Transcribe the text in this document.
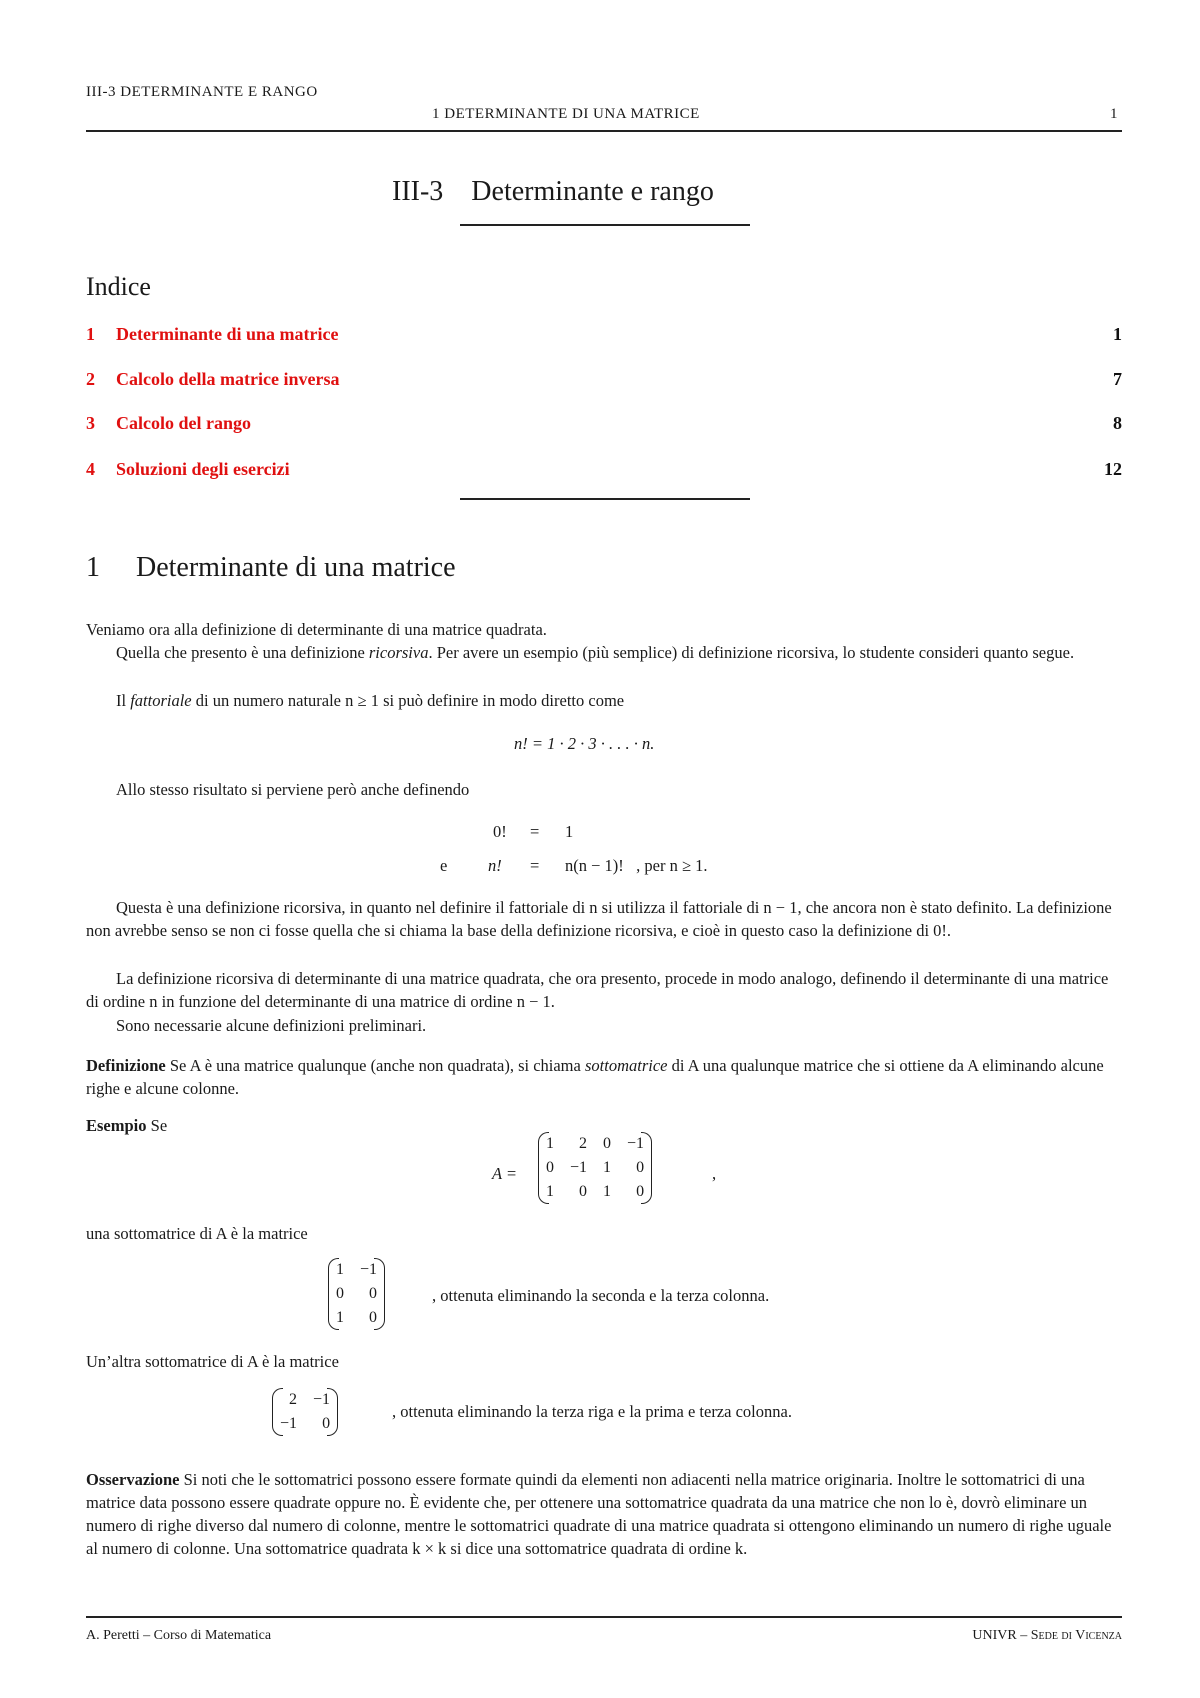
III-3 DETERMINANTE E RANGO
1 DETERMINANTE DI UNA MATRICE	1
III-3    Determinante e rango
Indice
1 Determinante di una matrice	1
2 Calcolo della matrice inversa	7
3 Calcolo del rango	8
4 Soluzioni degli esercizi	12
1 Determinante di una matrice
Veniamo ora alla definizione di determinante di una matrice quadrata.
Quella che presento è una definizione ricorsiva. Per avere un esempio (più semplice) di definizione ricorsiva, lo studente consideri quanto segue.
Il fattoriale di un numero naturale n ≥ 1 si può definire in modo diretto come
n! = 1 · 2 · 3 · . . . · n.
Allo stesso risultato si perviene però anche definendo
0! = 1
e n! = n(n − 1)!   , per n ≥ 1.
Questa è una definizione ricorsiva, in quanto nel definire il fattoriale di n si utilizza il fattoriale di n − 1, che ancora non è stato definito. La definizione non avrebbe senso se non ci fosse quella che si chiama la base della definizione ricorsiva, e cioè in questo caso la definizione di 0!.
La definizione ricorsiva di determinante di una matrice quadrata, che ora presento, procede in modo analogo, definendo il determinante di una matrice di ordine n in funzione del determinante di una matrice di ordine n − 1.
Sono necessarie alcune definizioni preliminari.
Definizione Se A è una matrice qualunque (anche non quadrata), si chiama sottomatrice di A una qualunque matrice che si ottiene da A eliminando alcune righe e alcune colonne.
Esempio Se
A =
1	2	0	−1
0	−1	1	0
1	0	1	0
,
una sottomatrice di A è la matrice
1	−1
0	0
1	0
, ottenuta eliminando la seconda e la terza colonna.
Un’altra sottomatrice di A è la matrice
2	−1
−1	0
, ottenuta eliminando la terza riga e la prima e terza colonna.
Osservazione Si noti che le sottomatrici possono essere formate quindi da elementi non adiacenti nella matrice originaria. Inoltre le sottomatrici di una matrice data possono essere quadrate oppure no. È evidente che, per ottenere una sottomatrice quadrata da una matrice che non lo è, dovrò eliminare un numero di righe diverso dal numero di colonne, mentre le sottomatrici quadrate di una matrice quadrata si ottengono eliminando un numero di righe uguale al numero di colonne. Una sottomatrice quadrata k × k si dice una sottomatrice quadrata di ordine k.
A. Peretti – Corso di Matematica	UNIVR – Sede di Vicenza
